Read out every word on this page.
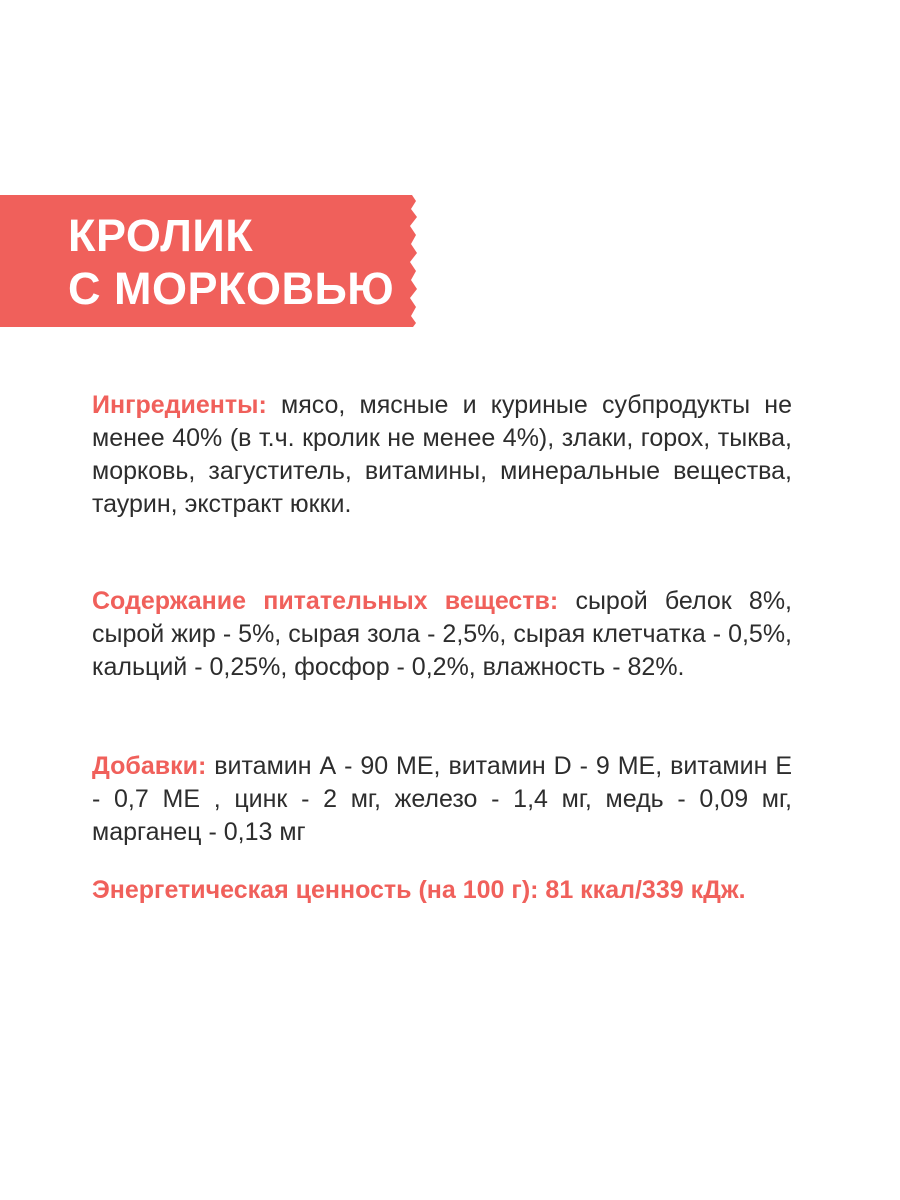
КРОЛИК
С МОРКОВЬЮ
Ингредиенты: мясо, мясные и куриные субпродукты не менее 40% (в т.ч. кролик не менее 4%), злаки, горох, тыква, морковь, загуститель, витамины, минеральные вещества, таурин, экстракт юкки.
Содержание питательных веществ: сырой белок 8%, сырой жир - 5%, сырая зола - 2,5%, сырая клетчатка - 0,5%, кальций - 0,25%, фосфор - 0,2%, влажность - 82%.
Добавки: витамин А - 90 МЕ, витамин D - 9 МЕ, витамин Е - 0,7 МЕ , цинк - 2 мг, железо - 1,4 мг, медь - 0,09 мг, марганец - 0,13 мг
Энергетическая ценность (на 100 г): 81 ккал/339 кДж.
